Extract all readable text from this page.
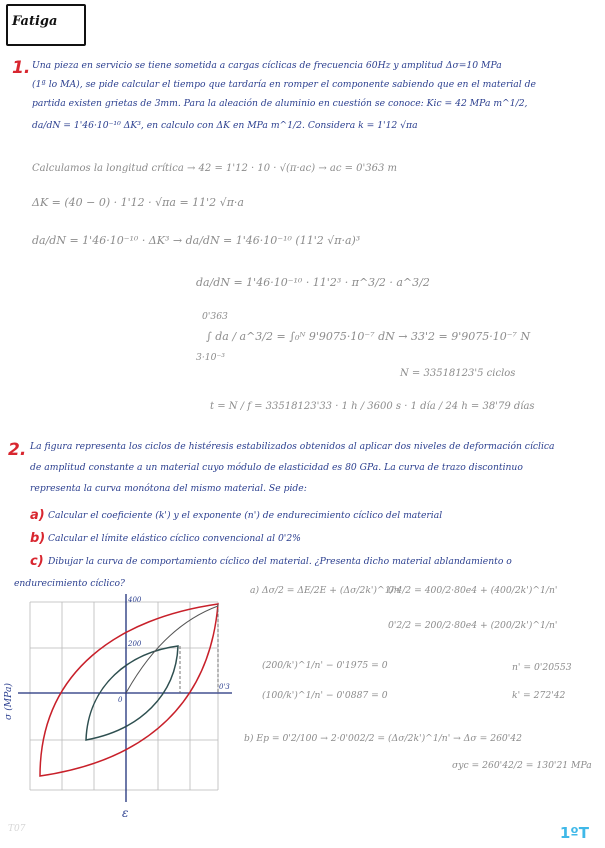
Fatiga
1. Una pieza en servicio se tiene sometida a cargas cíclicas de frecuencia 60Hz y amplitud Δσ=10 MPa
(1ª lo MA), se pide calcular el tiempo que tardaría en romper el componente sabiendo que en el material de
partida existen grietas de 3mm. Para la aleación de aluminio en cuestión se conoce: Kic = 42 MPa m^1/2,
da/dN = 1'46·10⁻¹⁰ ΔK³, en calculo con ΔK en MPa m^1/2. Considera k = 1'12 √πa
Calculamos la longitud crítica → 42 = 1'12 · 10 · √(π·ac) → ac = 0'363 m
ΔK = (40 − 0) · 1'12 · √πa = 11'2 √π·a
da/dN = 1'46·10⁻¹⁰ · ΔK³ → da/dN = 1'46·10⁻¹⁰ (11'2 √π·a)³
da/dN = 1'46·10⁻¹⁰ · 11'2³ · π^3/2 · a^3/2
0'363
∫ da / a^3/2 = ∫₀ᴺ 9'9075·10⁻⁷ dN → 33'2 = 9'9075·10⁻⁷ N
3·10⁻³
N = 33518123'5 ciclos
t = N / f = 33518123'33 · 1 h / 3600 s · 1 día / 24 h = 38'79 días
2. La figura representa los ciclos de histéresis estabilizados obtenidos al aplicar dos niveles de deformación cíclica
de amplitud constante a un material cuyo módulo de elasticidad es 80 GPa. La curva de trazo discontinuo
representa la curva monótona del mismo material. Se pide:
a) Calcular el coeficiente (k') y el exponente (n') de endurecimiento cíclico del material
b) Calcular el límite elástico cíclico convencional al 0'2%
c) Dibujar la curva de comportamiento cíclico del material. ¿Presenta dicho material ablandamiento o
endurecimiento cíclico?
σ (MPa)
ε
400
200
0'3
0
a) Δσ/2 = ΔE/2E + (Δσ/2k')^1/n'
0'4/2 = 400/2·80e4 + (400/2k')^1/n'
0'2/2 = 200/2·80e4 + (200/2k')^1/n'
(200/k')^1/n' − 0'1975 = 0
(100/k')^1/n' − 0'0887 = 0
n' = 0'20553
k' = 272'42
b) Ep = 0'2/100 → 2·0'002/2 = (Δσ/2k')^1/n' → Δσ = 260'42
σyc = 260'42/2 = 130'21 MPa
T07	1ºT
